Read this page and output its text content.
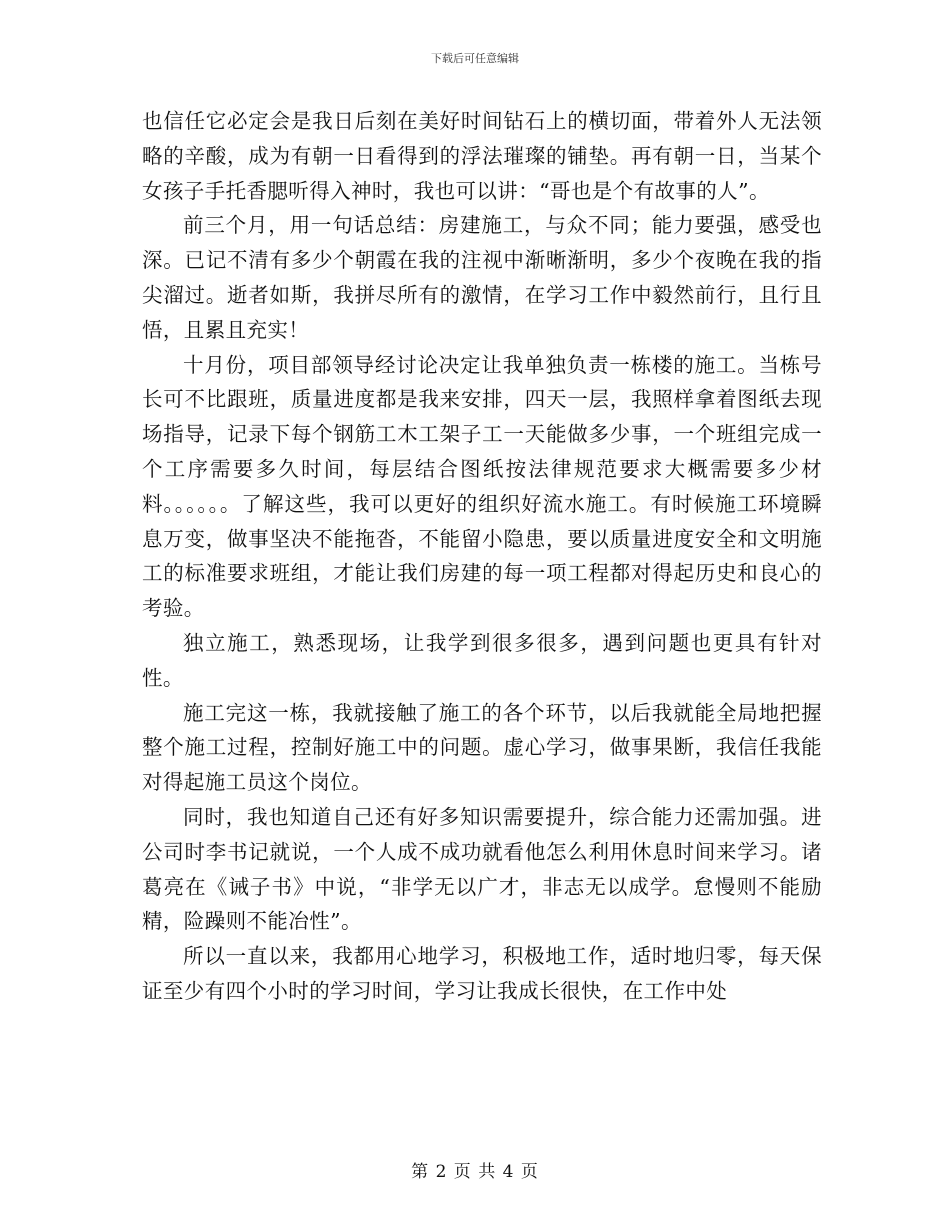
下载后可任意编辑

也信任它必定会是我日后刻在美好时间钻石上的横切面，带着外人无法领略的辛酸，成为有朝一日看得到的浮法璀璨的铺垫。再有朝一日，当某个女孩子手托香腮听得入神时，我也可以讲：“哥也是个有故事的人”。

前三个月，用一句话总结：房建施工，与众不同；能力要强，感受也深。已记不清有多少个朝霞在我的注视中渐晰渐明，多少个夜晚在我的指尖溜过。逝者如斯，我拼尽所有的激情，在学习工作中毅然前行，且行且悟，且累且充实！

十月份，项目部领导经讨论决定让我单独负责一栋楼的施工。当栋号长可不比跟班，质量进度都是我来安排，四天一层，我照样拿着图纸去现场指导，记录下每个钢筋工木工架子工一天能做多少事，一个班组完成一个工序需要多久时间，每层结合图纸按法律规范要求大概需要多少材料。。。。。。了解这些，我可以更好的组织好流水施工。有时候施工环境瞬息万变，做事坚决不能拖沓，不能留小隐患，要以质量进度安全和文明施工的标准要求班组，才能让我们房建的每一项工程都对得起历史和良心的考验。

独立施工，熟悉现场，让我学到很多很多，遇到问题也更具有针对性。

施工完这一栋，我就接触了施工的各个环节，以后我就能全局地把握整个施工过程，控制好施工中的问题。虚心学习，做事果断，我信任我能对得起施工员这个岗位。

同时，我也知道自己还有好多知识需要提升，综合能力还需加强。进公司时李书记就说，一个人成不成功就看他怎么利用休息时间来学习。诸葛亮在《诫子书》中说，“非学无以广才，非志无以成学。怠慢则不能励精，险躁则不能冶性”。

所以一直以来，我都用心地学习，积极地工作，适时地归零，每天保证至少有四个小时的学习时间，学习让我成长很快，在工作中处

第 2 页 共 4 页
